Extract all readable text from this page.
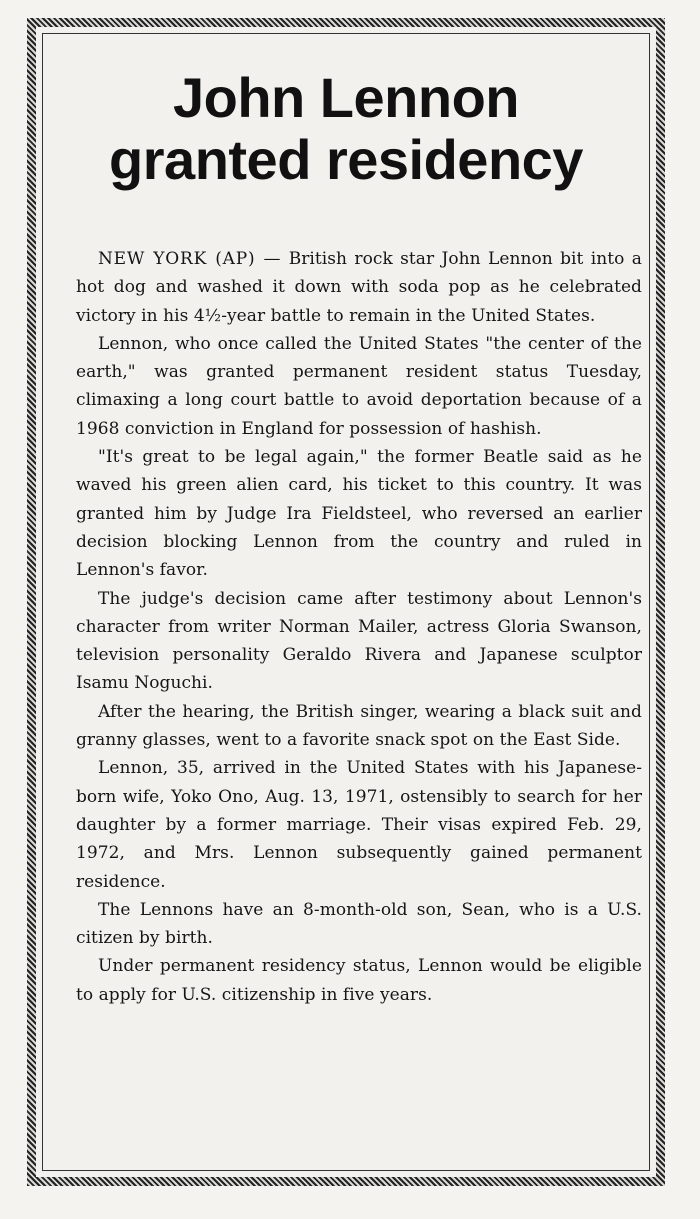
John Lennon
granted residency

NEW YORK (AP) — British rock star John Lennon bit into a hot dog and washed it down with soda pop as he celebrated victory in his 4½-year battle to remain in the United States.

Lennon, who once called the United States "the center of the earth," was granted permanent resident status Tuesday, climaxing a long court battle to avoid deportation because of a 1968 conviction in England for possession of hashish.

"It's great to be legal again," the former Beatle said as he waved his green alien card, his ticket to this country. It was granted him by Judge Ira Fieldsteel, who reversed an earlier decision blocking Lennon from the country and ruled in Lennon's favor.

The judge's decision came after testimony about Lennon's character from writer Norman Mailer, actress Gloria Swanson, television personality Geraldo Rivera and Japanese sculptor Isamu Noguchi.

After the hearing, the British singer, wearing a black suit and granny glasses, went to a favorite snack spot on the East Side.

Lennon, 35, arrived in the United States with his Japanese-born wife, Yoko Ono, Aug. 13, 1971, ostensibly to search for her daughter by a former marriage. Their visas expired Feb. 29, 1972, and Mrs. Lennon subsequently gained permanent residence.

The Lennons have an 8-month-old son, Sean, who is a U.S. citizen by birth.

Under permanent residency status, Lennon would be eligible to apply for U.S. citizenship in five years.
